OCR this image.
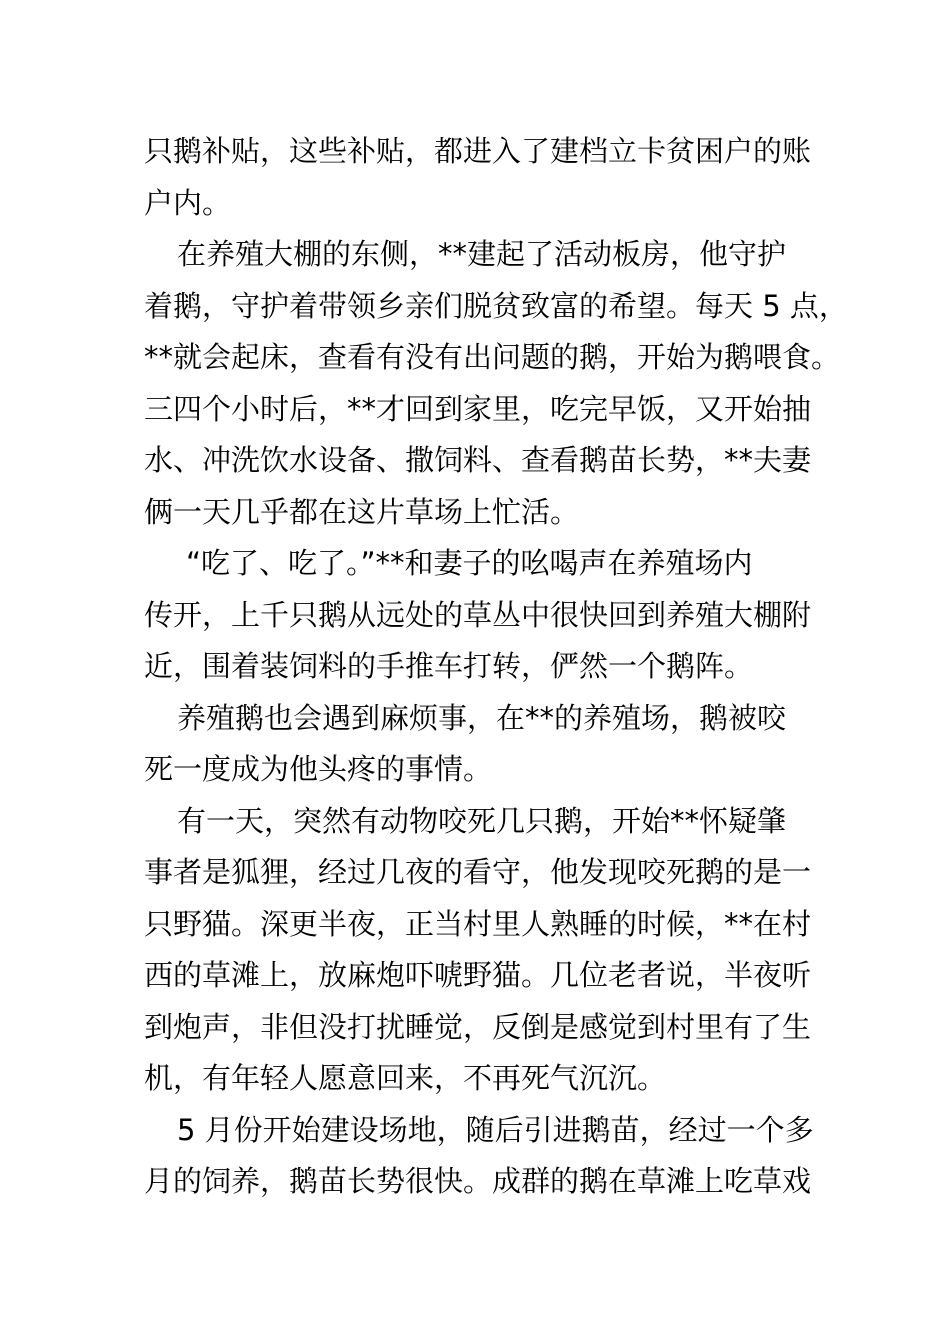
只鹅补贴，这些补贴，都进入了建档立卡贫困户的账
户内。
在养殖大棚的东侧，**建起了活动板房，他守护
着鹅，守护着带领乡亲们脱贫致富的希望。每天 5 点，
**就会起床，查看有没有出问题的鹅，开始为鹅喂食。
三四个小时后，**才回到家里，吃完早饭，又开始抽
水、冲洗饮水设备、撒饲料、查看鹅苗长势，**夫妻
俩一天几乎都在这片草场上忙活。
“吃了、吃了。”**和妻子的吆喝声在养殖场内
传开，上千只鹅从远处的草丛中很快回到养殖大棚附
近，围着装饲料的手推车打转，俨然一个鹅阵。
养殖鹅也会遇到麻烦事，在**的养殖场，鹅被咬
死一度成为他头疼的事情。
有一天，突然有动物咬死几只鹅，开始**怀疑肇
事者是狐狸，经过几夜的看守，他发现咬死鹅的是一
只野猫。深更半夜，正当村里人熟睡的时候，**在村
西的草滩上，放麻炮吓唬野猫。几位老者说，半夜听
到炮声，非但没打扰睡觉，反倒是感觉到村里有了生
机，有年轻人愿意回来，不再死气沉沉。
5 月份开始建设场地，随后引进鹅苗，经过一个多
月的饲养，鹅苗长势很快。成群的鹅在草滩上吃草戏
